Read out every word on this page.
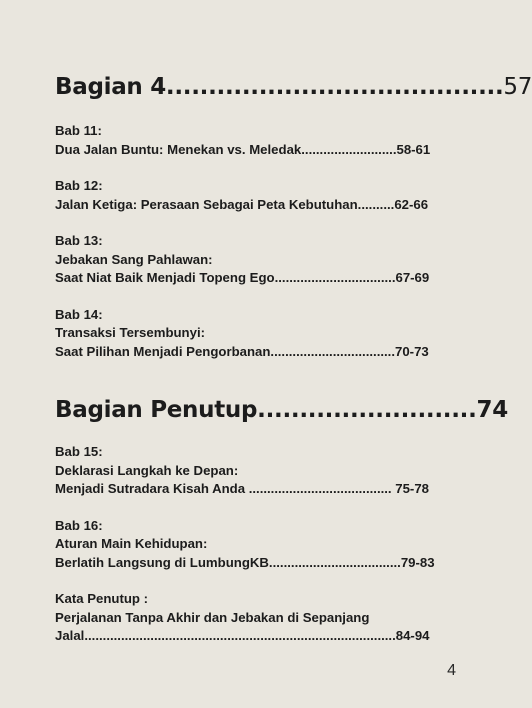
Bagian 4........................................57
Bab 11:
Dua Jalan Buntu: Menekan vs. Meledak..........................58-61
Bab 12:
Jalan Ketiga: Perasaan Sebagai Peta Kebutuhan..........62-66
Bab 13:
Jebakan Sang Pahlawan:
Saat Niat Baik Menjadi Topeng Ego.................................67-69
Bab 14:
Transaksi Tersembunyi:
Saat Pilihan Menjadi Pengorbanan..................................70-73
Bagian Penutup..........................74
Bab 15:
Deklarasi Langkah ke Depan:
Menjadi Sutradara Kisah Anda ....................................... 75-78
Bab 16:
Aturan Main Kehidupan:
Berlatih Langsung di LumbungKB....................................79-83
Kata Penutup :
Perjalanan Tanpa Akhir dan Jebakan di Sepanjang
Jalal.....................................................................................84-94
4
